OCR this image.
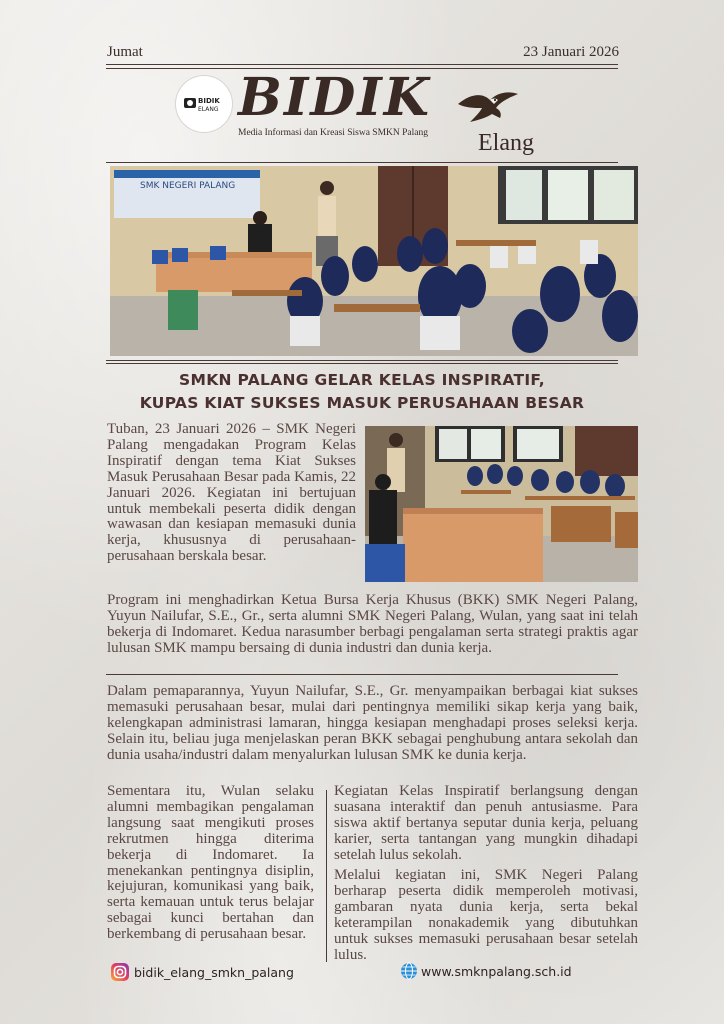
Jumat	23 Januari 2026
BIDIK
ELANG BIDIK
Media Informasi dan Kreasi Siswa SMKN Palang Elang
SMK NEGERI PALANG
SMKN PALANG GELAR KELAS INSPIRATIF,
KUPAS KIAT SUKSES MASUK PERUSAHAAN BESAR
Tuban, 23 Januari 2026 – SMK Negeri Palang mengadakan Program Kelas Inspiratif dengan tema Kiat Sukses Masuk Perusahaan Besar pada Kamis, 22 Januari 2026. Kegiatan ini bertujuan untuk membekali peserta didik dengan wawasan dan kesiapan memasuki dunia kerja, khususnya di perusahaan-perusahaan berskala besar.
Program ini menghadirkan Ketua Bursa Kerja Khusus (BKK) SMK Negeri Palang, Yuyun Nailufar, S.E., Gr., serta alumni SMK Negeri Palang, Wulan, yang saat ini telah bekerja di Indomaret. Kedua narasumber berbagi pengalaman serta strategi praktis agar lulusan SMK mampu bersaing di dunia industri dan dunia kerja.
Dalam pemaparannya, Yuyun Nailufar, S.E., Gr. menyampaikan berbagai kiat sukses memasuki perusahaan besar, mulai dari pentingnya memiliki sikap kerja yang baik, kelengkapan administrasi lamaran, hingga kesiapan menghadapi proses seleksi kerja. Selain itu, beliau juga menjelaskan peran BKK sebagai penghubung antara sekolah dan dunia usaha/industri dalam menyalurkan lulusan SMK ke dunia kerja.
Sementara itu, Wulan selaku alumni membagikan pengalaman langsung saat mengikuti proses rekrutmen hingga diterima bekerja di Indomaret. Ia menekankan pentingnya disiplin, kejujuran, komunikasi yang baik, serta kemauan untuk terus belajar sebagai kunci bertahan dan berkembang di perusahaan besar.
Kegiatan Kelas Inspiratif berlangsung dengan suasana interaktif dan penuh antusiasme. Para siswa aktif bertanya seputar dunia kerja, peluang karier, serta tantangan yang mungkin dihadapi setelah lulus sekolah.
Melalui kegiatan ini, SMK Negeri Palang berharap peserta didik memperoleh motivasi, gambaran nyata dunia kerja, serta bekal keterampilan nonakademik yang dibutuhkan untuk sukses memasuki perusahaan besar setelah lulus.
bidik_elang_smkn_palang	www.smknpalang.sch.id
